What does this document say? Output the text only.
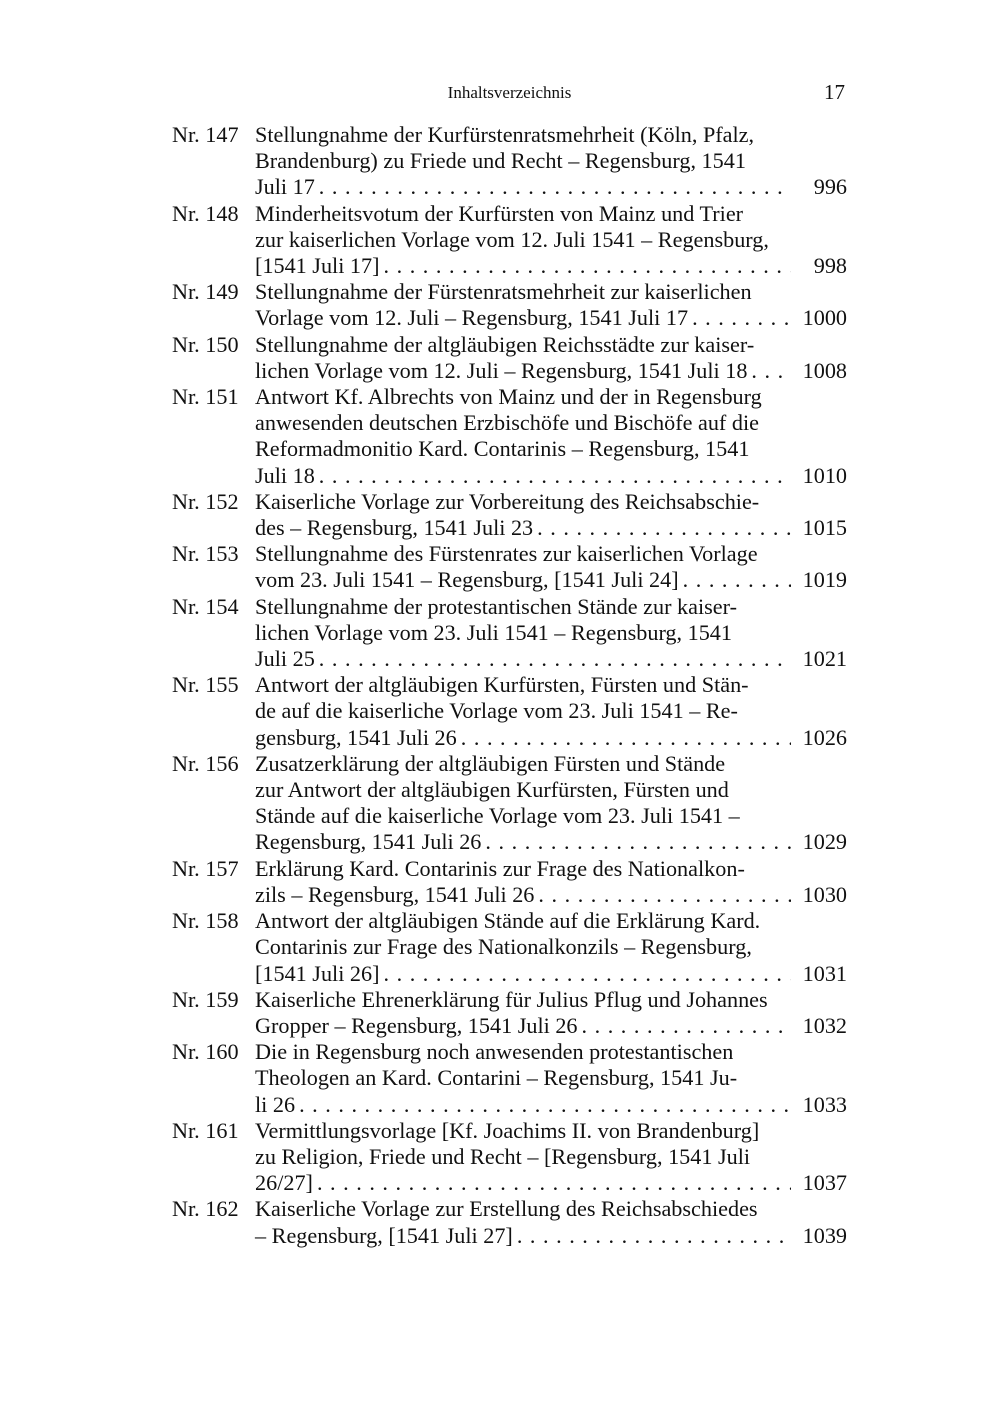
Inhaltsverzeichnis	17
Nr. 147 Stellungnahme der Kurfürstenratsmehrheit (Köln, Pfalz,
Brandenburg) zu Friede und Recht – Regensburg, 1541
Juli 17 . . .	996
Nr. 148 Minderheitsvotum der Kurfürsten von Mainz und Trier
zur kaiserlichen Vorlage vom 12. Juli 1541 – Regensburg,
[1541 Juli 17] . . .	998
Nr. 149 Stellungnahme der Fürstenratsmehrheit zur kaiserlichen
Vorlage vom 12. Juli – Regensburg, 1541 Juli 17 . . .	1000
Nr. 150 Stellungnahme der altgläubigen Reichsstädte zur kaiser-
lichen Vorlage vom 12. Juli – Regensburg, 1541 Juli 18 . . . 1008
Nr. 151 Antwort Kf. Albrechts von Mainz und der in Regensburg
anwesenden deutschen Erzbischöfe und Bischöfe auf die
Reformadmonitio Kard. Contarinis – Regensburg, 1541
Juli 18 . . .	1010
Nr. 152 Kaiserliche Vorlage zur Vorbereitung des Reichsabschie-
des – Regensburg, 1541 Juli 23 . . .	1015
Nr. 153 Stellungnahme des Fürstenrates zur kaiserlichen Vorlage
vom 23. Juli 1541 – Regensburg, [1541 Juli 24] . . .	1019
Nr. 154 Stellungnahme der protestantischen Stände zur kaiser-
lichen Vorlage vom 23. Juli 1541 – Regensburg, 1541
Juli 25 . . .	1021
Nr. 155 Antwort der altgläubigen Kurfürsten, Fürsten und Stän-
de auf die kaiserliche Vorlage vom 23. Juli 1541 – Re-
gensburg, 1541 Juli 26 . . .	1026
Nr. 156 Zusatzerklärung der altgläubigen Fürsten und Stände
zur Antwort der altgläubigen Kurfürsten, Fürsten und
Stände auf die kaiserliche Vorlage vom 23. Juli 1541 –
Regensburg, 1541 Juli 26 . . .	1029
Nr. 157 Erklärung Kard. Contarinis zur Frage des Nationalkon-
zils – Regensburg, 1541 Juli 26 . . .	1030
Nr. 158 Antwort der altgläubigen Stände auf die Erklärung Kard.
Contarinis zur Frage des Nationalkonzils – Regensburg,
[1541 Juli 26] . . .	1031
Nr. 159 Kaiserliche Ehrenerklärung für Julius Pflug und Johannes
Gropper – Regensburg, 1541 Juli 26 . . .	1032
Nr. 160 Die in Regensburg noch anwesenden protestantischen
Theologen an Kard. Contarini – Regensburg, 1541 Ju-
li 26 . . .	1033
Nr. 161 Vermittlungsvorlage [Kf. Joachims II. von Brandenburg]
zu Religion, Friede und Recht – [Regensburg, 1541 Juli
26/27] . . .	1037
Nr. 162 Kaiserliche Vorlage zur Erstellung des Reichsabschiedes
– Regensburg, [1541 Juli 27] . . .	1039
